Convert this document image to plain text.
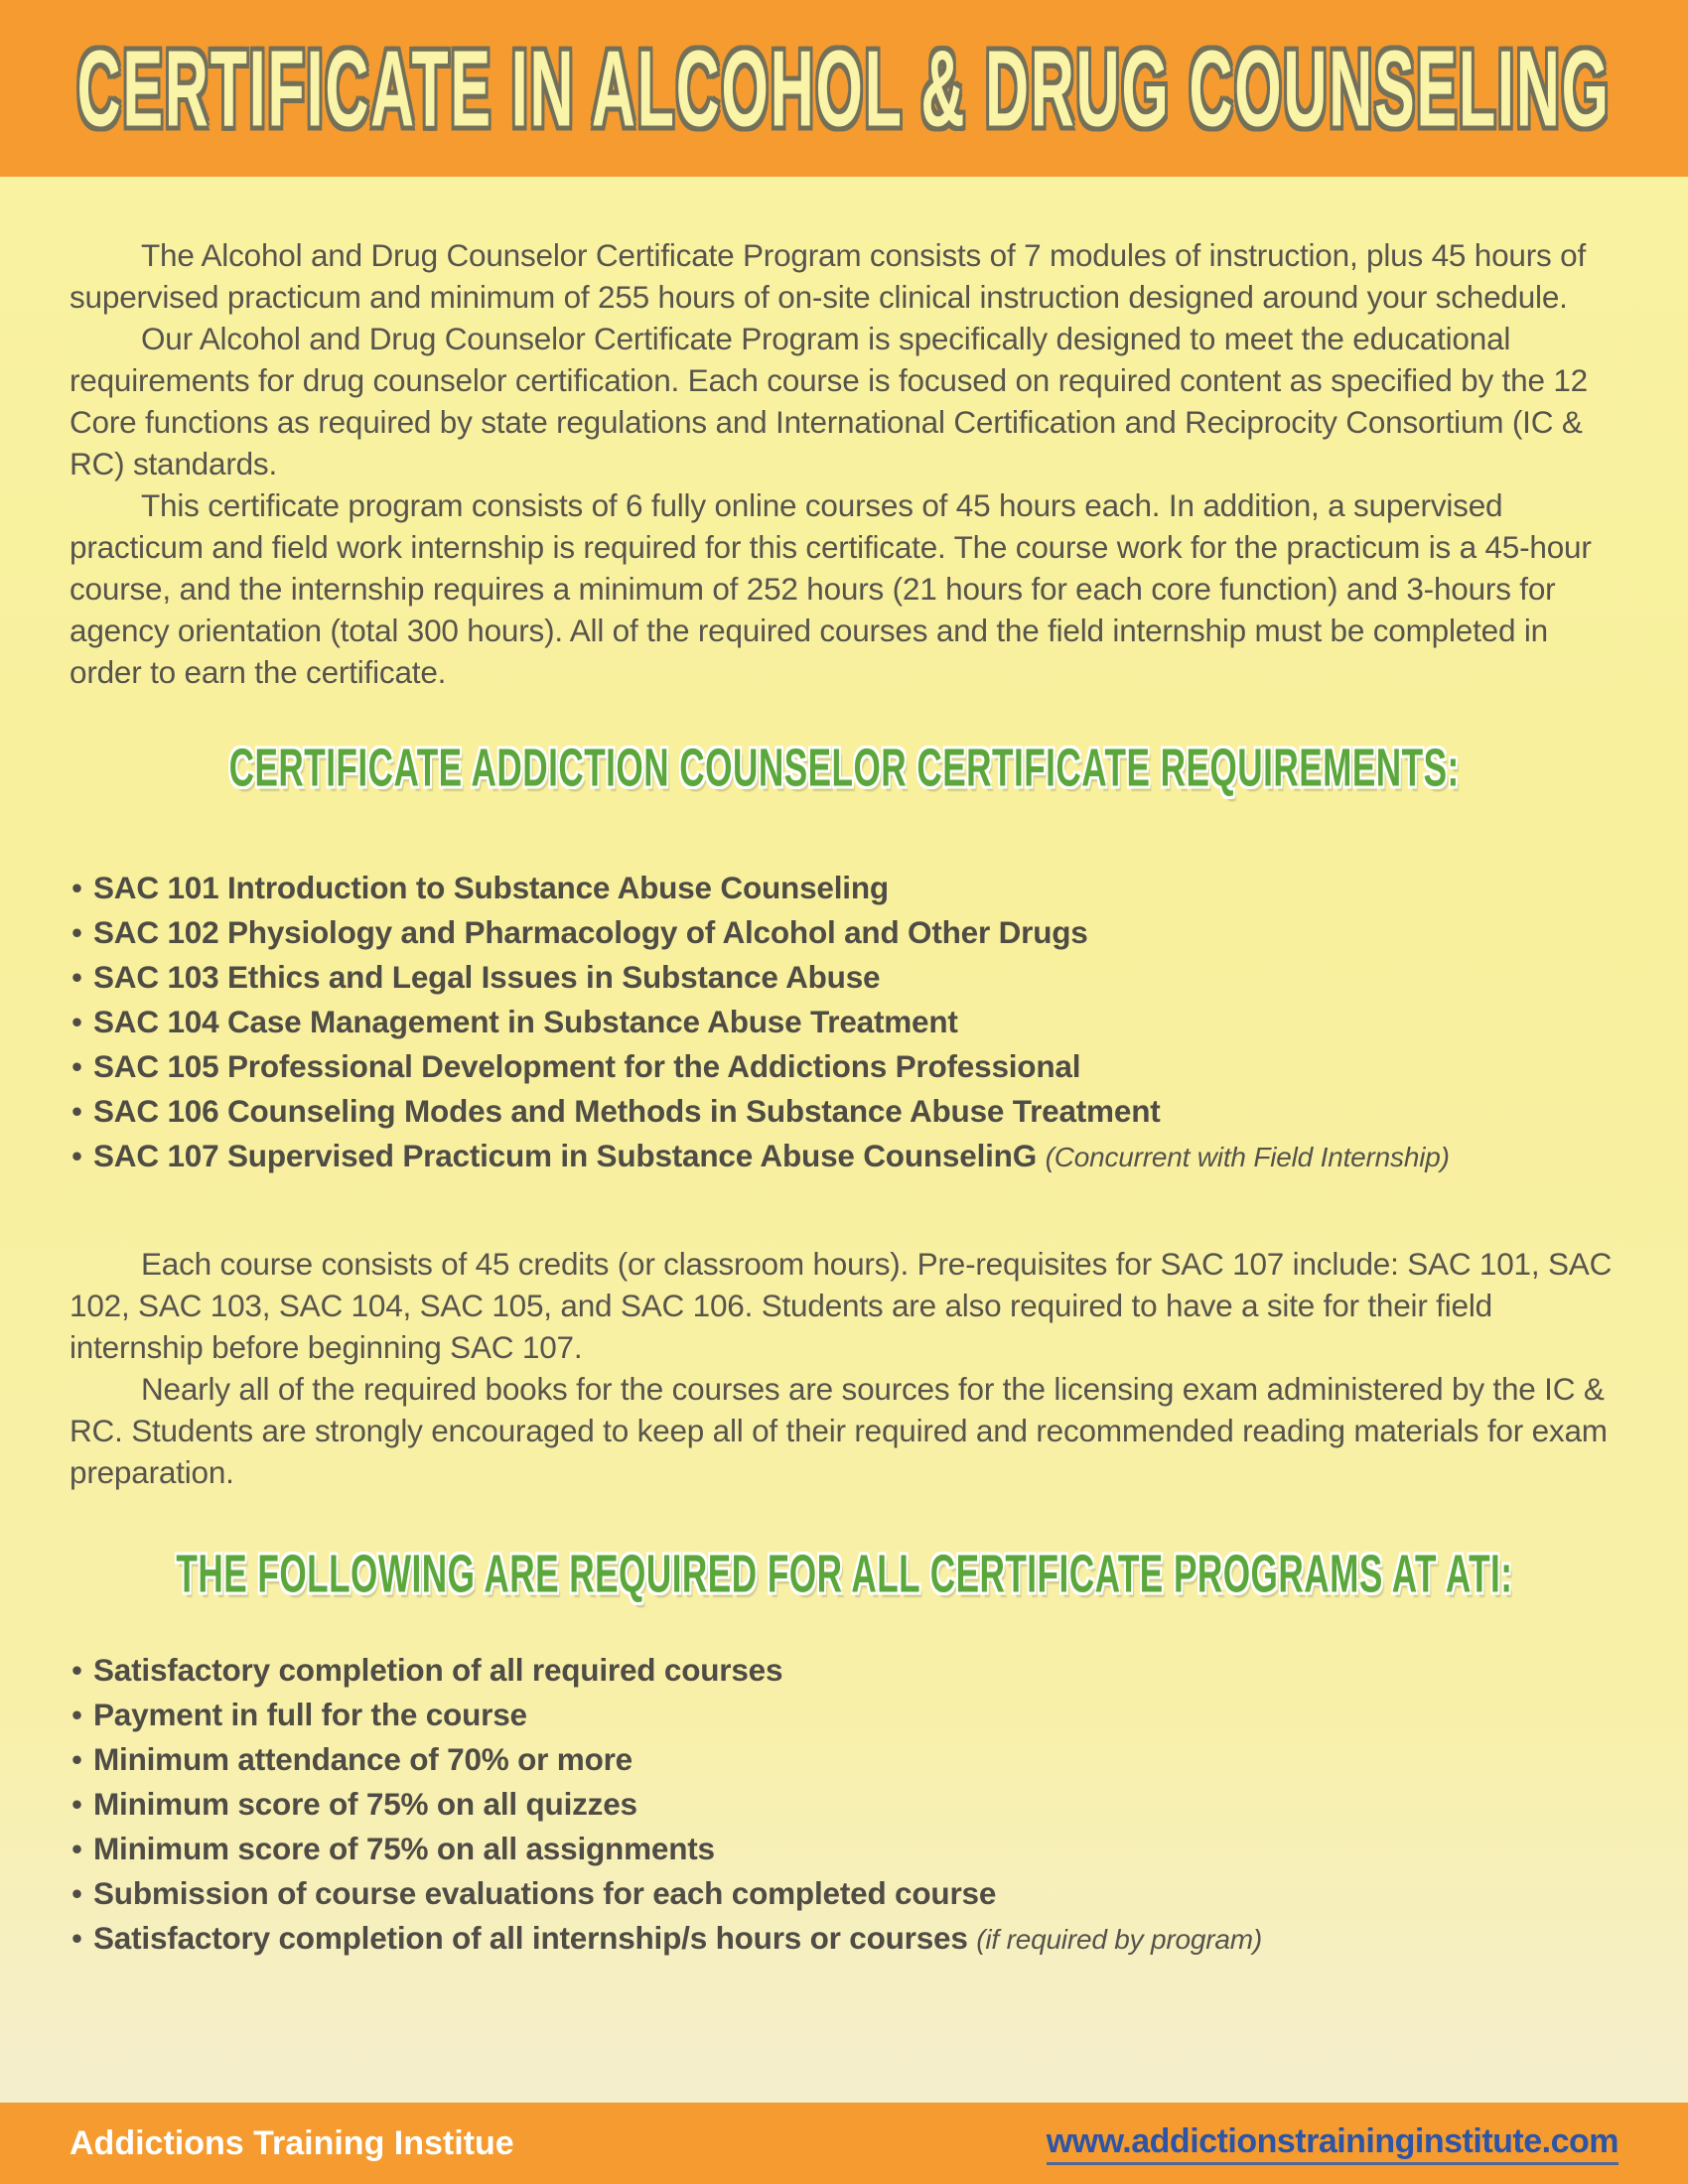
CERTIFICATE IN ALCOHOL & DRUG COUNSELING

The Alcohol and Drug Counselor Certificate Program consists of 7 modules of instruction, plus 45 hours of supervised practicum and minimum of 255 hours of on-site clinical instruction designed around your schedule.

Our Alcohol and Drug Counselor Certificate Program is specifically designed to meet the educational requirements for drug counselor certification. Each course is focused on required content as specified by the 12 Core functions as required by state regulations and International Certification and Reciprocity Consortium (IC & RC) standards.

This certificate program consists of 6 fully online courses of 45 hours each. In addition, a supervised practicum and field work internship is required for this certificate. The course work for the practicum is a 45-hour course, and the internship requires a minimum of 252 hours (21 hours for each core function) and 3-hours for agency orientation (total 300 hours). All of the required courses and the field internship must be completed in order to earn the certificate.

CERTIFICATE ADDICTION COUNSELOR CERTIFICATE REQUIREMENTS:
• SAC 101 Introduction to Substance Abuse Counseling
• SAC 102 Physiology and Pharmacology of Alcohol and Other Drugs
• SAC 103 Ethics and Legal Issues in Substance Abuse
• SAC 104 Case Management in Substance Abuse Treatment
• SAC 105 Professional Development for the Addictions Professional
• SAC 106 Counseling Modes and Methods in Substance Abuse Treatment
• SAC 107 Supervised Practicum in Substance Abuse CounselinG (Concurrent with Field Internship)

Each course consists of 45 credits (or classroom hours). Pre-requisites for SAC 107 include: SAC 101, SAC 102, SAC 103, SAC 104, SAC 105, and SAC 106. Students are also required to have a site for their field internship before beginning SAC 107.

Nearly all of the required books for the courses are sources for the licensing exam administered by the IC & RC. Students are strongly encouraged to keep all of their required and recommended reading materials for exam preparation.

THE FOLLOWING ARE REQUIRED FOR ALL CERTIFICATE PROGRAMS AT ATI:
• Satisfactory completion of all required courses
• Payment in full for the course
• Minimum attendance of 70% or more
• Minimum score of 75% on all quizzes
• Minimum score of 75% on all assignments
• Submission of course evaluations for each completed course
• Satisfactory completion of all internship/s hours or courses (if required by program)
Addictions Training Institue	www.addictionstraininginstitute.com
